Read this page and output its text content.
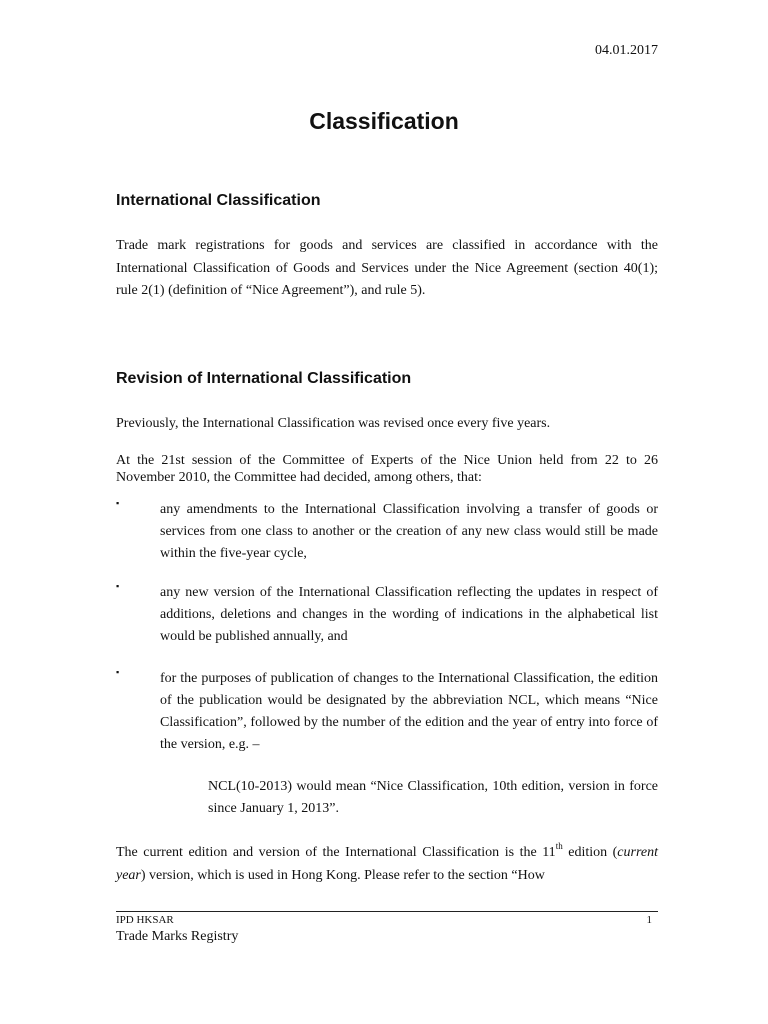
04.01.2017
Classification
International Classification

Trade mark registrations for goods and services are classified in accordance with the International Classification of Goods and Services under the Nice Agreement (section 40(1); rule 2(1) (definition of “Nice Agreement”), and rule 5).

Revision of International Classification

Previously, the International Classification was revised once every five years.

At the 21st session of the Committee of Experts of the Nice Union held from 22 to 26 November 2010, the Committee had decided, among others, that:

▪	any amendments to the International Classification involving a transfer of goods or services from one class to another or the creation of any new class would still be made within the five-year cycle,
▪	any new version of the International Classification reflecting the updates in respect of additions, deletions and changes in the wording of indications in the alphabetical list would be published annually, and
▪	for the purposes of publication of changes to the International Classification, the edition of the publication would be designated by the abbreviation NCL, which means “Nice Classification”, followed by the number of the edition and the year of entry into force of the version, e.g. –

NCL(10-2013) would mean “Nice Classification, 10th edition, version in force since January 1, 2013”.

The current edition and version of the International Classification is the 11th edition (current year) version, which is used in Hong Kong. Please refer to the section “How

IPD HKSAR	1
Trade Marks Registry
